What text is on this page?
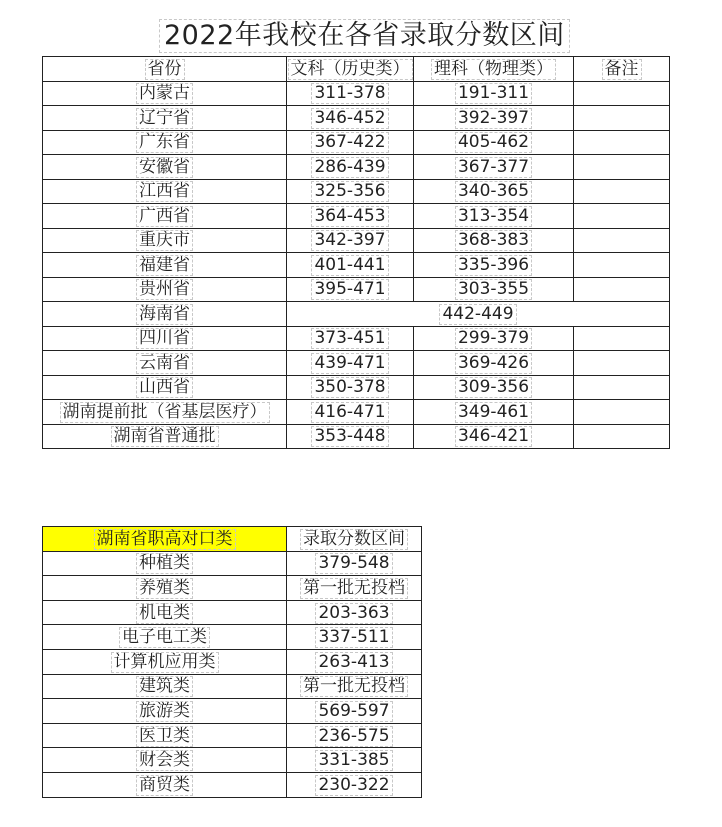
2022年我校在各省录取分数区间
省份	文科（历史类）	理科（物理类）	备注
内蒙古	311-378	191-311	
辽宁省	346-452	392-397	
广东省	367-422	405-462	
安徽省	286-439	367-377	
江西省	325-356	340-365	
广西省	364-453	313-354	
重庆市	342-397	368-383	
福建省	401-441	335-396	
贵州省	395-471	303-355	
海南省	442-449		
四川省	373-451	299-379	
云南省	439-471	369-426	
山西省	350-378	309-356	
湖南提前批（省基层医疗）	416-471	349-461	
湖南省普通批	353-448	346-421	
湖南省职高对口类	录取分数区间
种植类	379-548
养殖类	第一批无投档
机电类	203-363
电子电工类	337-511
计算机应用类	263-413
建筑类	第一批无投档
旅游类	569-597
医卫类	236-575
财会类	331-385
商贸类	230-322
